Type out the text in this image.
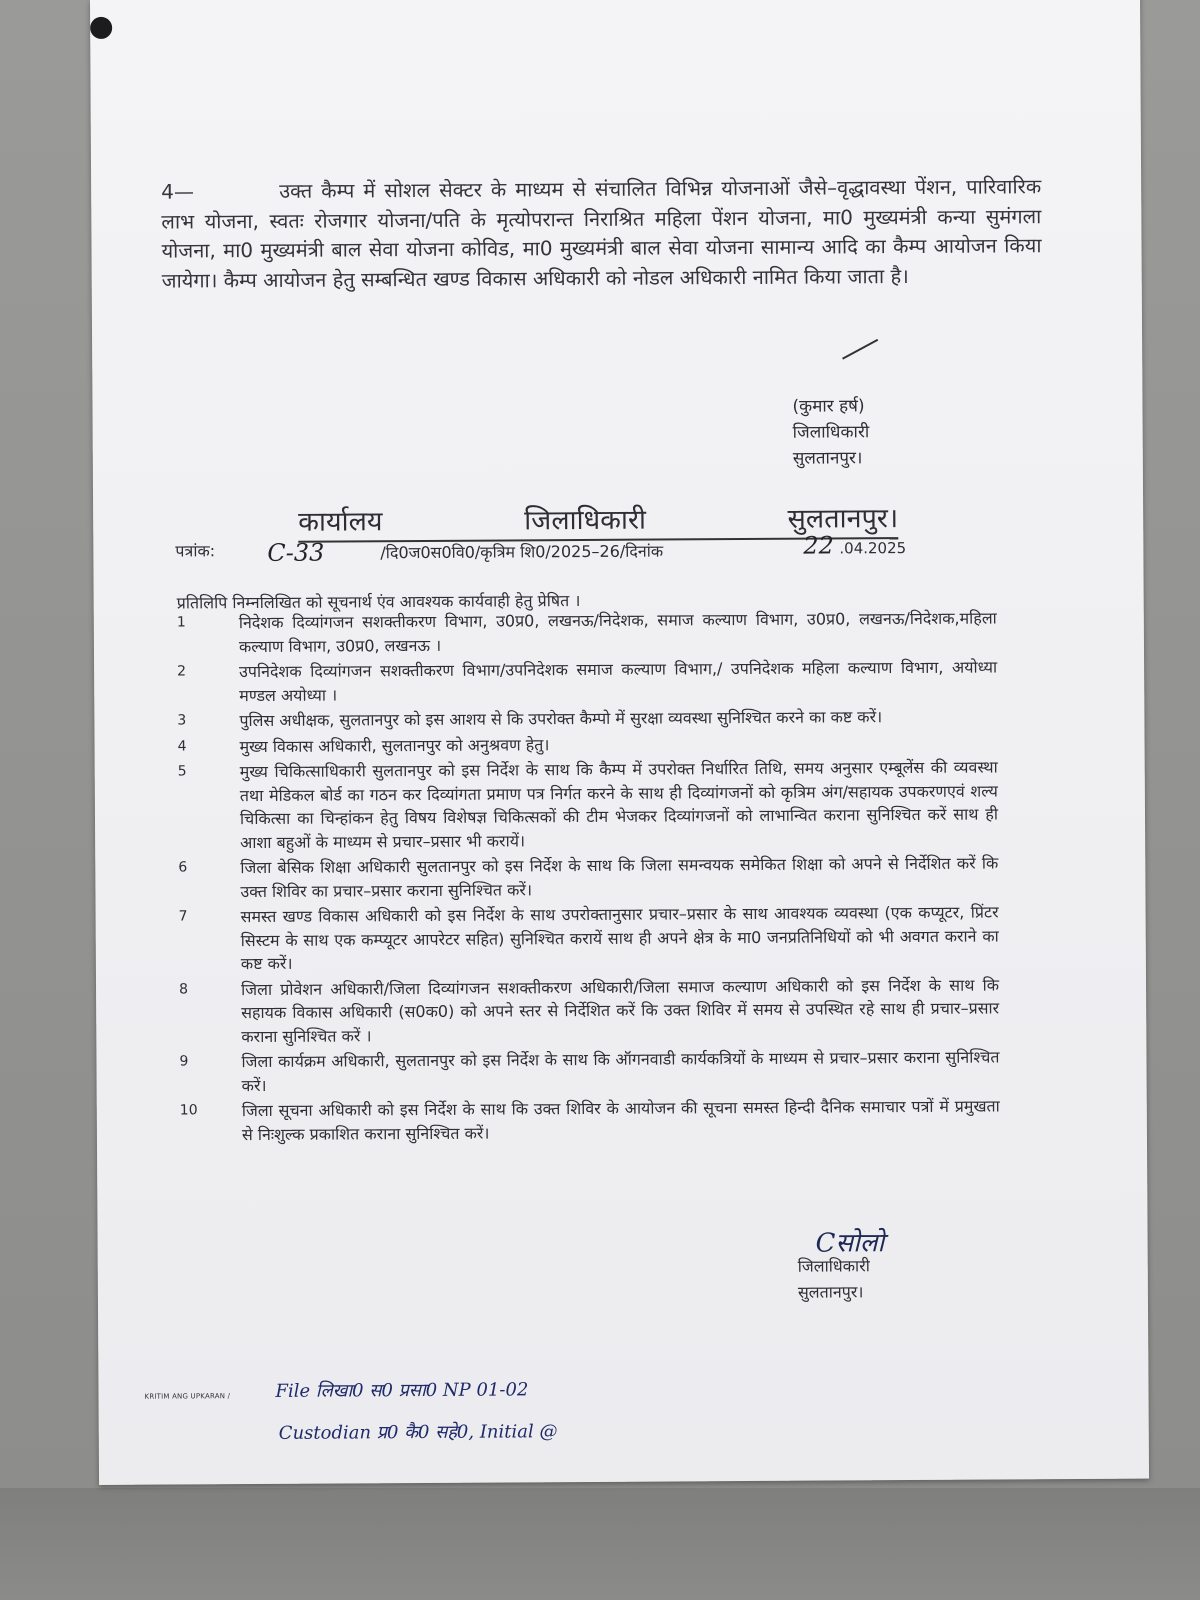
4—	उक्त कैम्प में सोशल सेक्टर के माध्यम से संचालित विभिन्न योजनाओं जैसे–वृद्धावस्था पेंशन, पारिवारिक लाभ योजना, स्वतः रोजगार योजना/पति के मृत्योपरान्त निराश्रित महिला पेंशन योजना, मा0 मुख्यमंत्री कन्या सुमंगला योजना, मा0 मुख्यमंत्री बाल सेवा योजना कोविड, मा0 मुख्यमंत्री बाल सेवा योजना सामान्य आदि का कैम्प आयोजन किया जायेगा। कैम्प आयोजन हेतु सम्बन्धित खण्ड विकास अधिकारी को नोडल अधिकारी नामित किया जाता है।
(कुमार हर्ष)
जिलाधिकारी
सुलतानपुर।
कार्यालय	जिलाधिकारी	सुलतानपुर।
पत्रांक: C-33	/दि0ज0स0वि0/कृत्रिम शि0/2025–26/दिनांक	22 .04.2025
प्रतिलिपि निम्नलिखित को सूचनार्थ एंव आवश्यक कार्यवाही हेतु प्रेषित ।
1	निदेशक दिव्यांगजन सशक्तीकरण विभाग, उ0प्र0, लखनऊ/निदेशक, समाज कल्याण विभाग, उ0प्र0, लखनऊ/निदेशक,महिला कल्याण विभाग, उ0प्र0, लखनऊ ।
2	उपनिदेशक दिव्यांगजन सशक्तीकरण विभाग/उपनिदेशक समाज कल्याण विभाग,/ उपनिदेशक महिला कल्याण विभाग, अयोध्या मण्डल अयोध्या ।
3	पुलिस अधीक्षक, सुलतानपुर को इस आशय से कि उपरोक्त कैम्पो में सुरक्षा व्यवस्था सुनिश्चित करने का कष्ट करें।
4	मुख्य विकास अधिकारी, सुलतानपुर को अनुश्रवण हेतु।
5	मुख्य चिकित्साधिकारी सुलतानपुर को इस निर्देश के साथ कि कैम्प में उपरोक्त निर्धारित तिथि, समय अनुसार एम्बूलेंस की व्यवस्था तथा मेडिकल बोर्ड का गठन कर दिव्यांगता प्रमाण पत्र निर्गत करने के साथ ही दिव्यांगजनों को कृत्रिम अंग/सहायक उपकरणएवं शल्य चिकित्सा का चिन्हांकन हेतु विषय विशेषज्ञ चिकित्सकों की टीम भेजकर दिव्यांगजनों को लाभान्वित कराना सुनिश्चित करें साथ ही आशा बहुओं के माध्यम से प्रचार–प्रसार भी करायें।
6	जिला बेसिक शिक्षा अधिकारी सुलतानपुर को इस निर्देश के साथ कि जिला समन्वयक समेकित शिक्षा को अपने से निर्देशित करें कि उक्त शिविर का प्रचार–प्रसार कराना सुनिश्चित करें।
7	समस्त खण्ड विकास अधिकारी को इस निर्देश के साथ उपरोक्तानुसार प्रचार–प्रसार के साथ आवश्यक व्यवस्था (एक कप्यूटर, प्रिंटर सिस्टम के साथ एक कम्प्यूटर आपरेटर सहित) सुनिश्चित करायें साथ ही अपने क्षेत्र के मा0 जनप्रतिनिधियों को भी अवगत कराने का कष्ट करें।
8	जिला प्रोवेशन अधिकारी/जिला दिव्यांगजन सशक्तीकरण अधिकारी/जिला समाज कल्याण अधिकारी को इस निर्देश के साथ कि सहायक विकास अधिकारी (स0क0) को अपने स्तर से निर्देशित करें कि उक्त शिविर में समय से उपस्थित रहे साथ ही प्रचार–प्रसार कराना सुनिश्चित करें ।
9	जिला कार्यक्रम अधिकारी, सुलतानपुर को इस निर्देश के साथ कि ऑगनवाडी कार्यकत्रियों के माध्यम से प्रचार–प्रसार कराना सुनिश्चित करें।
10	जिला सूचना अधिकारी को इस निर्देश के साथ कि उक्त शिविर के आयोजन की सूचना समस्त हिन्दी दैनिक समाचार पत्रों में प्रमुखता से निःशुल्क प्रकाशित कराना सुनिश्चित करें।
Cसोलो
जिलाधिकारी
सुलतानपुर।
KRITIM ANG UPKARAN /	File लिखा0 स0 प्रसा0 NP 01-02
Custodian प्र0 कै0 सहे0, Initial @
